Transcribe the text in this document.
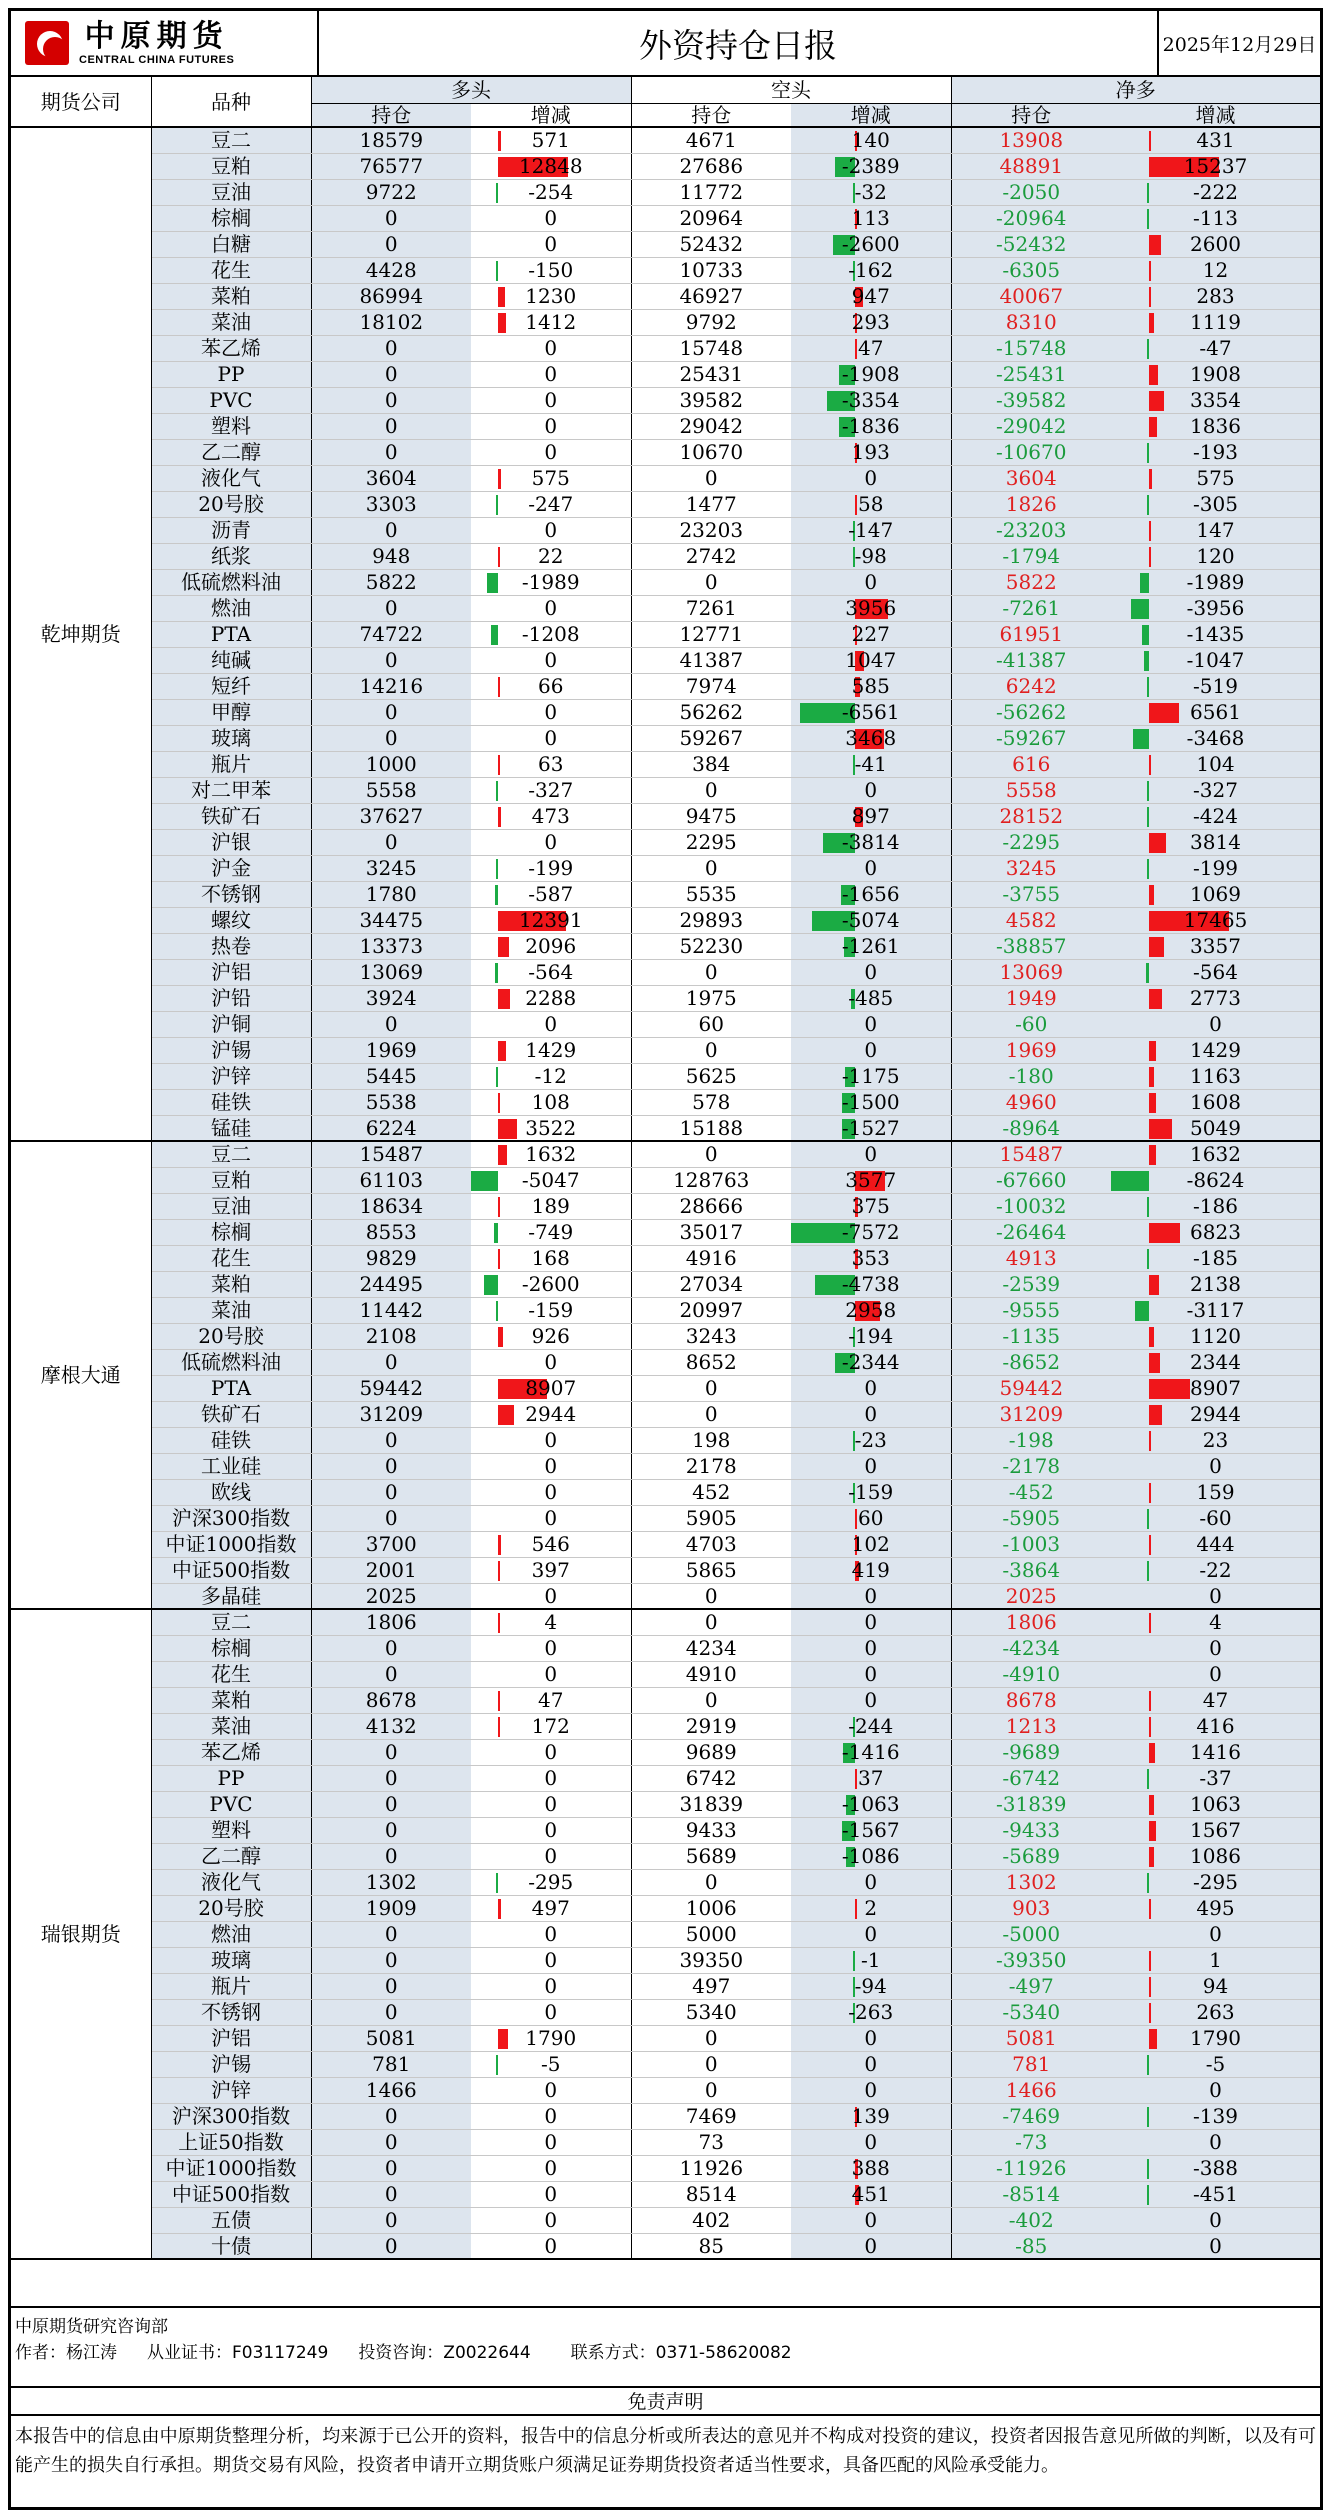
中原期货
CENTRAL CHINA FUTURES	外资持仓日报	2025年12月29日
期货公司	品种	多头		空头		净多	
		持仓	增减	持仓	增减	持仓	增减
乾坤期货	豆二	18579	571	4671	140	13908	431

	豆粕	76577	12848	27686	-2389	48891	15237

	豆油	9722	-254	11772	-32	-2050	-222

	棕榈	0	0	20964	113	-20964	-113

	白糖	0	0	52432	-2600	-52432	2600

	花生	4428	-150	10733	-162	-6305	12

	菜粕	86994	1230	46927	947	40067	283

	菜油	18102	1412	9792	293	8310	1119

	苯乙烯	0	0	15748	47	-15748	-47

	PP	0	0	25431	-1908	-25431	1908

	PVC	0	0	39582	-3354	-39582	3354

	塑料	0	0	29042	-1836	-29042	1836

	乙二醇	0	0	10670	193	-10670	-193

	液化气	3604	575	0	0	3604	575

	20号胶	3303	-247	1477	58	1826	-305

	沥青	0	0	23203	-147	-23203	147

	纸浆	948	22	2742	-98	-1794	120

	低硫燃料油	5822	-1989	0	0	5822	-1989

	燃油	0	0	7261	3956	-7261	-3956

	PTA	74722	-1208	12771	227	61951	-1435

	纯碱	0	0	41387	1047	-41387	-1047

	短纤	14216	66	7974	585	6242	-519

	甲醇	0	0	56262	-6561	-56262	6561

	玻璃	0	0	59267	3468	-59267	-3468

	瓶片	1000	63	384	-41	616	104

	对二甲苯	5558	-327	0	0	5558	-327

	铁矿石	37627	473	9475	897	28152	-424

	沪银	0	0	2295	-3814	-2295	3814

	沪金	3245	-199	0	0	3245	-199

	不锈钢	1780	-587	5535	-1656	-3755	1069

	螺纹	34475	12391	29893	-5074	4582	17465

	热卷	13373	2096	52230	-1261	-38857	3357

	沪铝	13069	-564	0	0	13069	-564

	沪铅	3924	2288	1975	-485	1949	2773

	沪铜	0	0	60	0	-60	0

	沪锡	1969	1429	0	0	1969	1429

	沪锌	5445	-12	5625	-1175	-180	1163

	硅铁	5538	108	578	-1500	4960	1608

	锰硅	6224	3522	15188	-1527	-8964	5049

摩根大通	豆二	15487	1632	0	0	15487	1632

	豆粕	61103	-5047	128763	3577	-67660	-8624

	豆油	18634	189	28666	375	-10032	-186

	棕榈	8553	-749	35017	-7572	-26464	6823

	花生	9829	168	4916	353	4913	-185

	菜粕	24495	-2600	27034	-4738	-2539	2138

	菜油	11442	-159	20997	2958	-9555	-3117

	20号胶	2108	926	3243	-194	-1135	1120

	低硫燃料油	0	0	8652	-2344	-8652	2344

	PTA	59442	8907	0	0	59442	8907

	铁矿石	31209	2944	0	0	31209	2944

	硅铁	0	0	198	-23	-198	23

	工业硅	0	0	2178	0	-2178	0

	欧线	0	0	452	-159	-452	159

	沪深300指数	0	0	5905	60	-5905	-60

	中证1000指数	3700	546	4703	102	-1003	444

	中证500指数	2001	397	5865	419	-3864	-22

	多晶硅	2025	0	0	0	2025	0

瑞银期货	豆二	1806	4	0	0	1806	4

	棕榈	0	0	4234	0	-4234	0

	花生	0	0	4910	0	-4910	0

	菜粕	8678	47	0	0	8678	47

	菜油	4132	172	2919	-244	1213	416

	苯乙烯	0	0	9689	-1416	-9689	1416

	PP	0	0	6742	37	-6742	-37

	PVC	0	0	31839	-1063	-31839	1063

	塑料	0	0	9433	-1567	-9433	1567

	乙二醇	0	0	5689	-1086	-5689	1086

	液化气	1302	-295	0	0	1302	-295

	20号胶	1909	497	1006	2	903	495

	燃油	0	0	5000	0	-5000	0

	玻璃	0	0	39350	-1	-39350	1

	瓶片	0	0	497	-94	-497	94

	不锈钢	0	0	5340	-263	-5340	263

	沪铝	5081	1790	0	0	5081	1790

	沪锡	781	-5	0	0	781	-5

	沪锌	1466	0	0	0	1466	0

	沪深300指数	0	0	7469	139	-7469	-139

	上证50指数	0	0	73	0	-73	0

	中证1000指数	0	0	11926	388	-11926	-388

	中证500指数	0	0	8514	451	-8514	-451

	五债	0	0	402	0	-402	0

	十债	0	0	85	0	-85	0
中原期货研究咨询部
作者：杨江涛 从业证书：F03117249 投资咨询：Z0022644 联系方式：0371-58620082
免责声明
本报告中的信息由中原期货整理分析，均来源于已公开的资料，报告中的信息分析或所表达的意见并不构成对投资的建议，投资者因报告意见所做的判断，以及有可能产生的损失自行承担。期货交易有风险，投资者申请开立期货账户须满足证券期货投资者适当性要求，具备匹配的风险承受能力。
